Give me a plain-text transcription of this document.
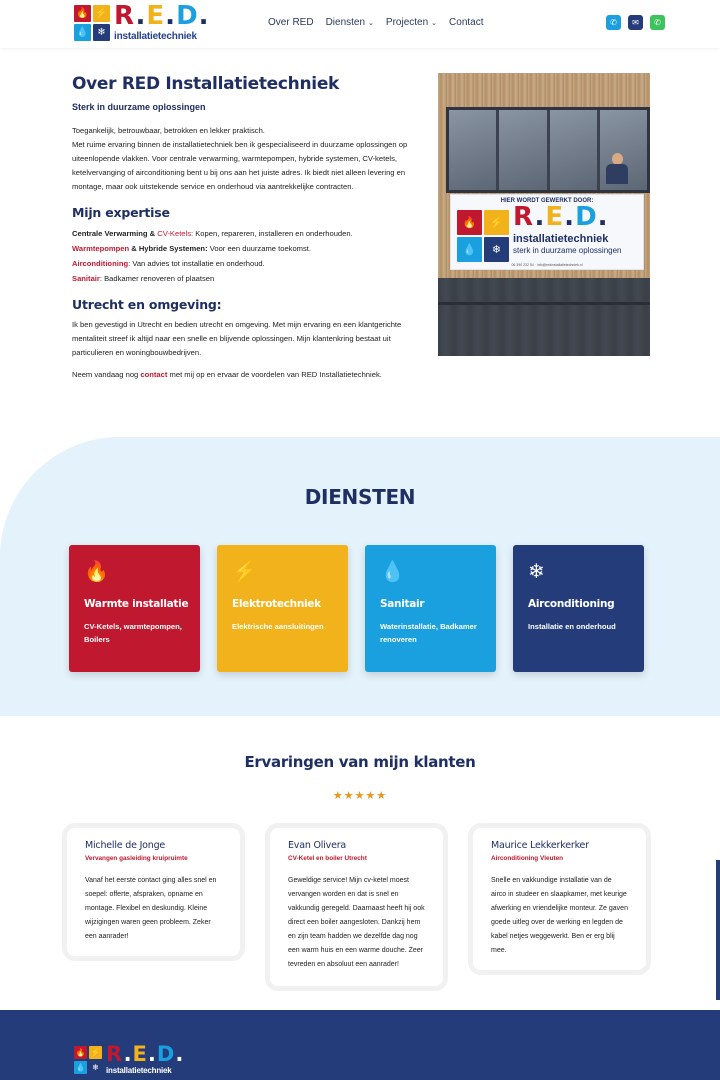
🔥 ⚡
💧 ❄
R.E.D.
installatietechniek
Over RED Diensten ⌄ Projecten ⌄ Contact	✆	✉	✆
Over RED Installatietechniek
Sterk in duurzame oplossingen

Toegankelijk, betrouwbaar, betrokken en lekker praktisch.

Met ruime ervaring binnen de installatietechniek ben ik gespecialiseerd in duurzame oplossingen op uiteenlopende vlakken. Voor centrale verwarming, warmtepompen, hybride systemen, CV-ketels, ketelvervanging of airconditioning bent u bij ons aan het juiste adres. Ik biedt niet alleen levering en montage, maar ook uitstekende service en onderhoud via aantrekkelijke contracten.

Mijn expertise
Centrale Verwarming & CV-Ketels: Kopen, repareren, installeren en onderhouden.
Warmtepompen & Hybride Systemen: Voor een duurzame toekomst.
Airconditioning: Van advies tot installatie en onderhoud.
Sanitair: Badkamer renoveren of plaatsen
Utrecht en omgeving:

Ik ben gevestigd in Utrecht en bedien utrecht en omgeving. Met mijn ervaring en een klantgerichte mentaliteit streef ik altijd naar een snelle en blijvende oplossingen. Mijn klantenkring bestaat uit particulieren en woningbouwbedrijven.

Neem vandaag nog contact met mij op en ervaar de voordelen van RED Installatietechniek.

HIER WORDT GEWERKT DOOR:
🔥	⚡
💧	❄
R.E.D.
installatietechniek
sterk in duurzame oplossingen
06 390 232 54 · info@redinstallatietechniek.nl
DIENSTEN
🔥
Warmte installatie
CV-Ketels, warmtepompen, Boilers
⚡
Elektrotechniek
Elektrische aansluitingen
💧
Sanitair
Waterinstallatie, Badkamer renoveren
❄
Airconditioning
Installatie en onderhoud
Ervaringen van mijn klanten
★★★★★
Michelle de Jonge
Vervangen gasleiding kruipruimte
Vanaf het eerste contact ging alles snel en soepel: offerte, afspraken, opname en montage. Flexibel en deskundig. Kleine wijzigingen waren geen probleem. Zeker een aanrader!
Evan Olivera
CV-Ketel en boiler Utrecht
Geweldige service! Mijn cv-ketel moest vervangen worden en dat is snel en vakkundig geregeld. Daarnaast heeft hij ook direct een boiler aangesloten. Dankzij hem en zijn team hadden we dezelfde dag nog een warm huis en een warme douche. Zeer tevreden en absoluut een aanrader!
Maurice Lekkerkerker
Airconditioning Vleuten
Snelle en vakkundige installatie van de airco in studeer en slaapkamer, met keurige afwerking en vriendelijke monteur. Ze gaven goede uitleg over de werking en legden de kabel netjes weggewerkt. Ben er erg blij mee.
🔥 ⚡
💧 ❄
R.E.D.
installatietechniek
